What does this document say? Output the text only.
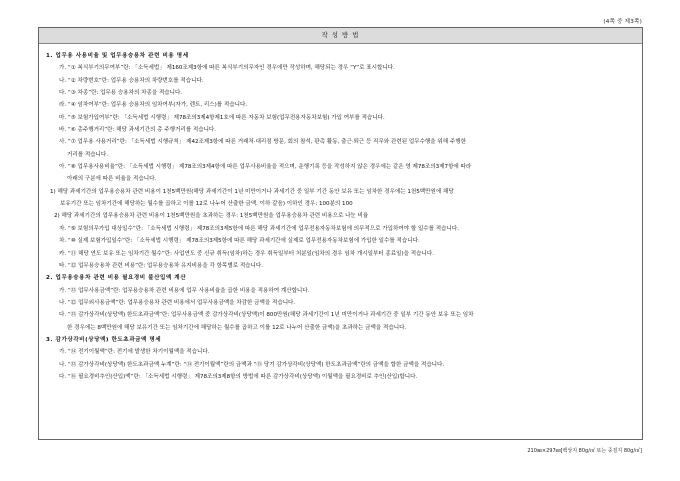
(4쪽 중 제3쪽)
작 성 방 법
1. 업무용 사용비율 및 업무용승용차 관련 비용 명세
가. “① 복식부기의무여부”란: 「소득세법」 제160조제3항에 따른 복식부기의무자인 경우에만 작성하며, 해당되는 경우 “Y”로 표시합니다.
나. “② 차량번호”란: 업무용 승용차의 차량번호를 적습니다.
다. “③ 차종”란: 업무용 승용차의 차종을 적습니다.
라. “④ 임차여부”란: 업무용 승용차의 임차여부(자가, 렌트, 리스)를 적습니다.
마. “⑤ 보험가입여부”란: 「소득세법 시행령」 제78조의3제4항제1호에 따른 자동차 보험(업무전용자동차보험) 가입 여부를 적습니다.
바. “⑥ 총주행거리”란: 해당 과세기간의 총 주행거리를 적습니다.
사. “⑦ 업무용 사용거리”란: 「소득세법 시행규칙」 제42조제3항에 따른 거래처·대리점 방문, 회의 참석, 판촉 활동, 출근·퇴근 등 직무와 관련된 업무수행을 위해 주행한
거리를 적습니다.
아. “⑧ 업무용사용비율”란: 「소득세법 시행령」 제78조의3제4항에 따른 업무사용비율을 적으며, 운행기록 등을 작성하지 않은 경우에는 같은 영 제78조의3제7항에 따라
아래의 구분에 따른 비율을 적습니다.
1) 해당 과세기간의 업무용승용차 관련 비용이 1천5백만원(해당 과세기간이 1년 미만이거나 과세기간 중 일부 기간 동안 보유 또는 임차한 경우에는 1천5백만원에 해당
보유기간 또는 임차기간에 해당하는 월수를 곱하고 이를 12로 나누어 산출한 금액. 이하 같음) 이하인 경우: 100분의 100
2) 해당 과세기간의 업무용승용차 관련 비용이 1천5백만원을 초과하는 경우: 1천5백만원을 업무용승용차 관련 비용으로 나눈 비율
자. “⑨ 보험의무가입 대상일수”란: 「소득세법 시행령」 제78조의3제5항에 따른 해당 과세기간에 업무전용자동차보험에 의무적으로 가입하여야 할 일수를 적습니다.
차. “⑩ 실제 보험가입일수”란: 「소득세법 시행령」 제78조의3제5항에 따른 해당 과세기간에 실제로 업무전용자동차보험에 가입한 일수를 적습니다.
카. “⑪ 해당 연도 보유 또는 임차기간 월수”란: 사업연도 중 신규 취득(임차)하는 경우 취득일부터 처분일(임차의 경우 임차 개시일부터 종료일)을 적습니다.
타. “⑫ 업무용승용차 관련 비용”란: 업무용승용차 유지비용을 각 항목별로 적습니다.
2. 업무용승용차 관련 비용 필요경비 불산입액 계산
가. “⑬ 업무사용금액”란: 업무용승용차 관련 비용에 업무 사용비율을 곱한 비용을 적용하여 계산합니다.
나. “⑫ 업무외사용금액”란: 업무용승용차 관련 비용에서 업무사용금액을 차감한 금액을 적습니다.
다. “⑬ 감가상각비(상당액) 한도초과금액”란: 업무사용금액 중 감가상각비(상당액)이 800만원(해당 과세기간이 1년 미만이거나 과세기간 중 일부 기간 동안 보유 또는 임차
한 경우에는 8백만원에 해당 보유기간 또는 임차기간에 해당하는 월수를 곱하고 이를 12로 나누어 산출한 금액)을 초과하는 금액을 적습니다.
3. 감가상각비(상당액) 한도초과금액 명세
가. “⑭ 전기이월액”란: 전기에 발생한 차기이월액을 적습니다.
나. “⑬ 감가상각비(상당액) 한도초과금액 누계”란: “⑭ 전기이월액”란의 금액과 “⑮ 당기 감가상각비(상당액) 한도초과금액”란의 금액을 합한 금액을 적습니다.
다. “⑯ 필요경비추인(산입)액”란: 「소득세법 시행령」 제78조의3제8항의 방법에 따른 감가상각비(상당액) 이월액을 필요경비로 추인(산입)합니다.
210㎜×297㎜[백상지 80g/㎡ 또는 중질지 80g/㎡]
